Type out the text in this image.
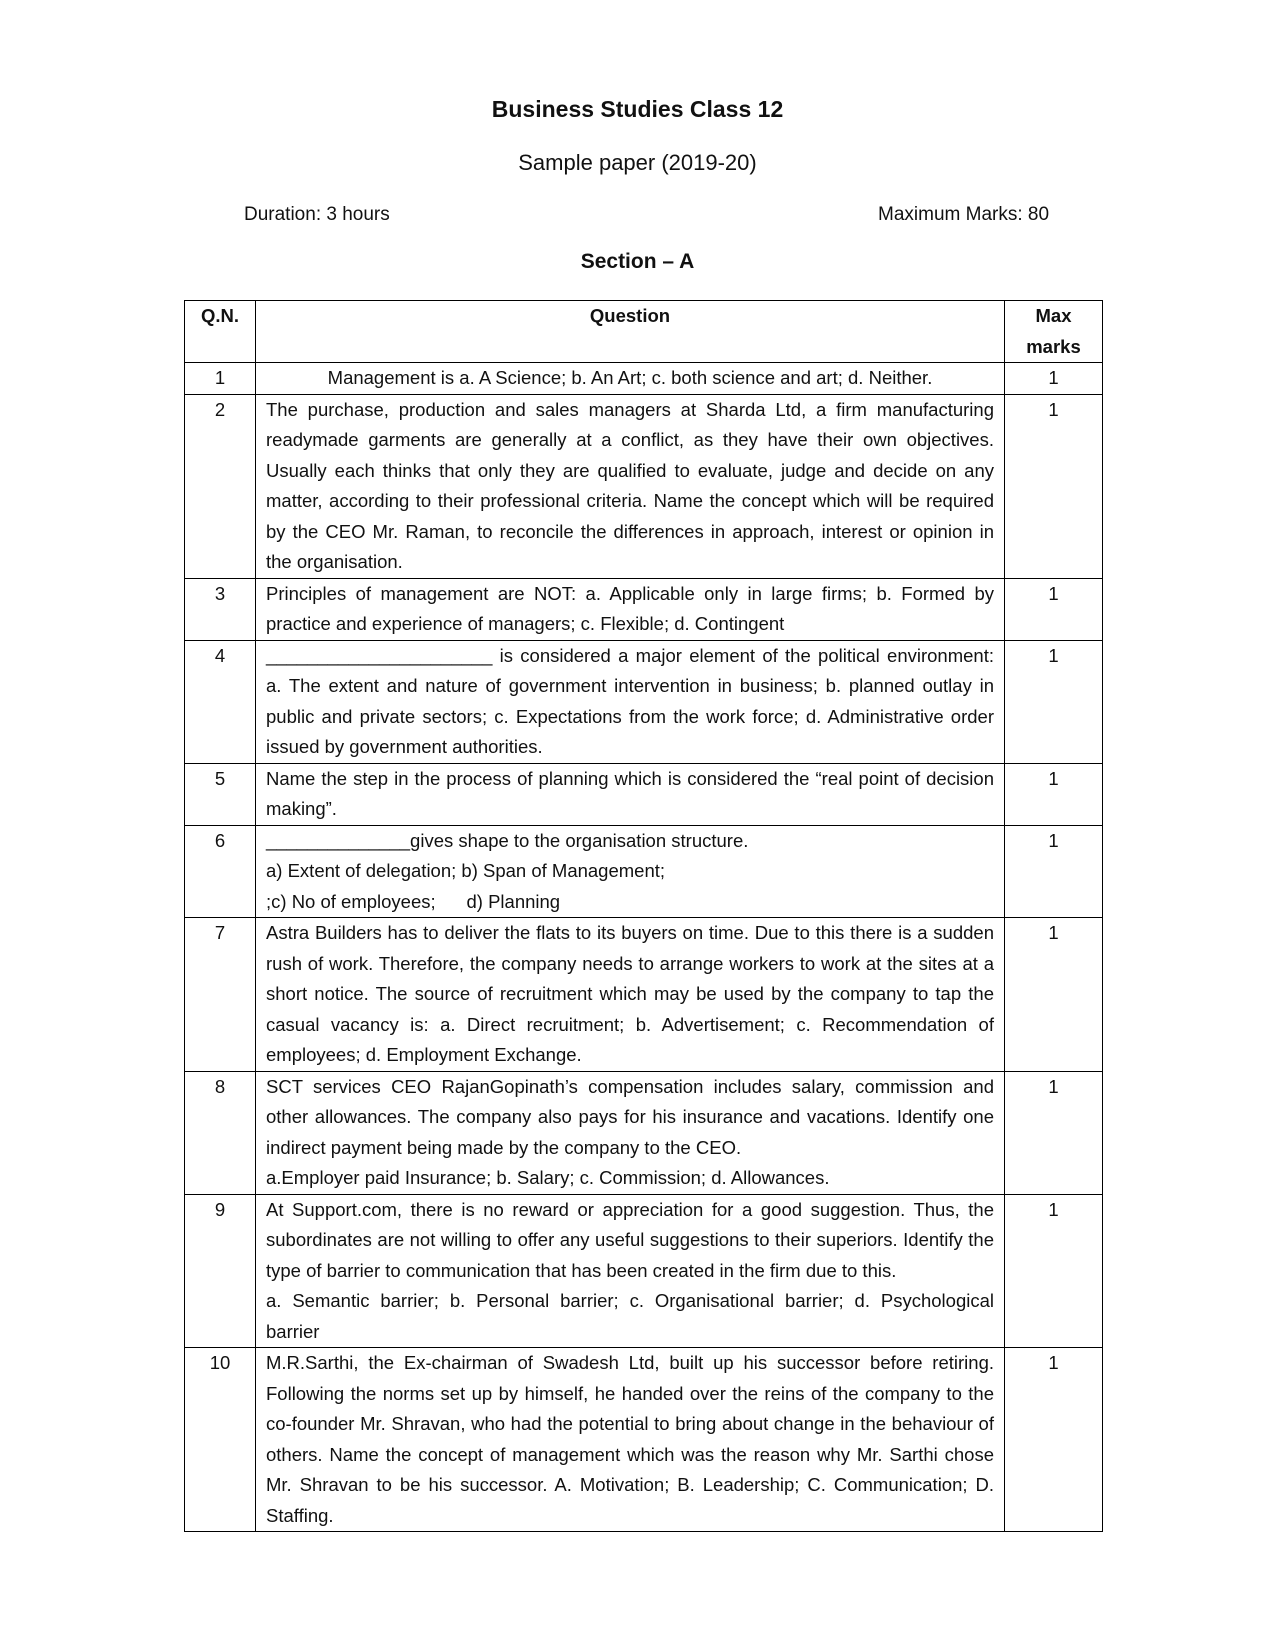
Business Studies Class 12
Sample paper (2019-20)
Duration: 3 hours	Maximum Marks: 80
Section – A
Q.N.	Question	Max marks
1	Management is a. A Science; b. An Art; c. both science and art; d. Neither.	1
2	The purchase, production and sales managers at Sharda Ltd, a firm manufacturing readymade garments are generally at a conflict, as they have their own objectives. Usually each thinks that only they are qualified to evaluate, judge and decide on any matter, according to their professional criteria. Name the concept which will be required by the CEO Mr. Raman, to reconcile the differences in approach, interest or opinion in the organisation.	1
3	Principles of management are NOT: a. Applicable only in large firms; b. Formed by practice and experience of managers; c. Flexible; d. Contingent	1
4	______________________ is considered a major element of the political environment: a. The extent and nature of government intervention in business; b. planned outlay in public and private sectors; c. Expectations from the work force; d. Administrative order issued by government authorities.	1
5	Name the step in the process of planning which is considered the “real point of decision making”.	1
6	______________gives shape to the organisation structure.
a) Extent of delegation; b) Span of Management;
;c) No of employees;      d) Planning	1
7	Astra Builders has to deliver the flats to its buyers on time. Due to this there is a sudden rush of work. Therefore, the company needs to arrange workers to work at the sites at a short notice. The source of recruitment which may be used by the company to tap the casual vacancy is: a. Direct recruitment; b. Advertisement; c. Recommendation of employees; d. Employment Exchange.	1
8	SCT services CEO RajanGopinath’s compensation includes salary, commission and other allowances. The company also pays for his insurance and vacations. Identify one indirect payment being made by the company to the CEO.
a.Employer paid Insurance; b. Salary; c. Commission; d. Allowances.	1
9	At Support.com, there is no reward or appreciation for a good suggestion. Thus, the subordinates are not willing to offer any useful suggestions to their superiors. Identify the type of barrier to communication that has been created in the firm due to this.
a. Semantic barrier; b. Personal barrier; c. Organisational barrier; d. Psychological barrier	1
10	M.R.Sarthi, the Ex-chairman of Swadesh Ltd, built up his successor before retiring. Following the norms set up by himself, he handed over the reins of the company to the co-founder Mr. Shravan, who had the potential to bring about change in the behaviour of others. Name the concept of management which was the reason why Mr. Sarthi chose Mr. Shravan to be his successor. A. Motivation; B. Leadership; C. Communication; D. Staffing.	1
